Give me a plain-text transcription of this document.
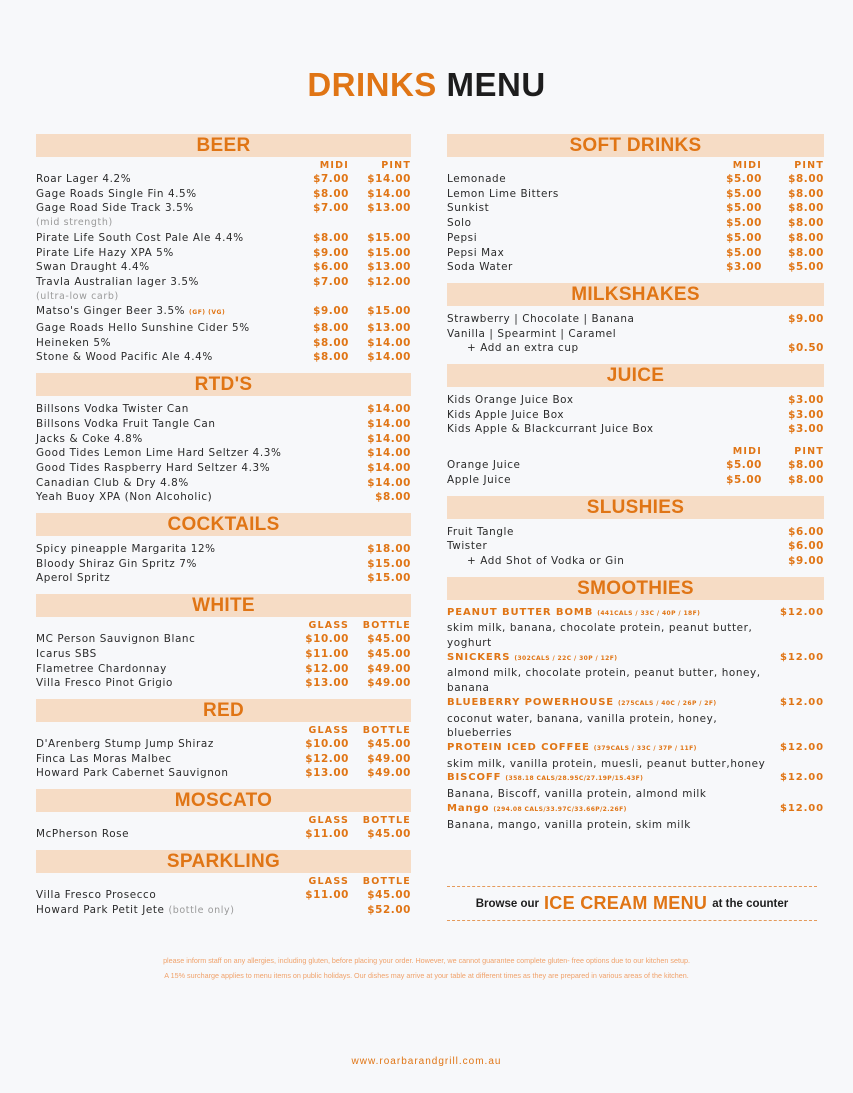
DRINKS MENU
BEER
MIDI	PINT
Roar Lager 4.2%	$7.00	$14.00
Gage Roads Single Fin 4.5%	$8.00	$14.00
Gage Road Side Track 3.5%	$7.00	$13.00
(mid strength)
Pirate Life South Cost Pale Ale 4.4%	$8.00	$15.00
Pirate Life Hazy XPA 5%	$9.00	$15.00
Swan Draught 4.4%	$6.00	$13.00
Travla Australian lager 3.5%	$7.00	$12.00
(ultra-low carb)
Matso's Ginger Beer 3.5% (GF) (VG)	$9.00	$15.00
Gage Roads Hello Sunshine Cider 5%	$8.00	$13.00
Heineken 5%	$8.00	$14.00
Stone & Wood Pacific Ale 4.4%	$8.00	$14.00
RTD'S
Billsons Vodka Twister Can	$14.00
Billsons Vodka Fruit Tangle Can	$14.00
Jacks & Coke 4.8%	$14.00
Good Tides Lemon Lime Hard Seltzer 4.3%	$14.00
Good Tides Raspberry Hard Seltzer 4.3%	$14.00
Canadian Club & Dry 4.8%	$14.00
Yeah Buoy XPA (Non Alcoholic)	$8.00
COCKTAILS
Spicy pineapple Margarita 12%	$18.00
Bloody Shiraz Gin Spritz 7%	$15.00
Aperol Spritz	$15.00
WHITE
GLASS	BOTTLE
MC Person Sauvignon Blanc	$10.00	$45.00
Icarus SBS	$11.00	$45.00
Flametree Chardonnay	$12.00	$49.00
Villa Fresco Pinot Grigio	$13.00	$49.00
RED
GLASS	BOTTLE
D'Arenberg Stump Jump Shiraz	$10.00	$45.00
Finca Las Moras Malbec	$12.00	$49.00
Howard Park Cabernet Sauvignon	$13.00	$49.00
MOSCATO
GLASS	BOTTLE
McPherson Rose	$11.00	$45.00
SPARKLING
GLASS	BOTTLE
Villa Fresco Prosecco	$11.00	$45.00
Howard Park Petit Jete (bottle only)	$52.00
SOFT DRINKS
MIDI	PINT
Lemonade	$5.00	$8.00
Lemon Lime Bitters	$5.00	$8.00
Sunkist	$5.00	$8.00
Solo	$5.00	$8.00
Pepsi	$5.00	$8.00
Pepsi Max	$5.00	$8.00
Soda Water	$3.00	$5.00
MILKSHAKES
Strawberry | Chocolate | Banana	$9.00
Vanilla | Spearmint | Caramel
+ Add an extra cup	$0.50
JUICE
Kids Orange Juice Box	$3.00
Kids Apple Juice Box	$3.00
Kids Apple & Blackcurrant Juice Box	$3.00
MIDI	PINT
Orange Juice	$5.00	$8.00
Apple Juice	$5.00	$8.00
SLUSHIES
Fruit Tangle	$6.00
Twister	$6.00
+ Add Shot of Vodka or Gin	$9.00
SMOOTHIES
PEANUT BUTTER BOMB (441CALS / 33C / 40P / 18F)	$12.00
skim milk, banana, chocolate protein, peanut butter, yoghurt
SNICKERS (302CALS / 22C / 30P / 12F)	$12.00
almond milk, chocolate protein, peanut butter, honey, banana
BLUEBERRY POWERHOUSE (275CALS / 40C / 26P / 2F)	$12.00
coconut water, banana, vanilla protein, honey, blueberries
PROTEIN ICED COFFEE (379CALS / 33C / 37P / 11F)	$12.00
skim milk, vanilla protein, muesli, peanut butter,honey
BISCOFF (358.18 CALS/28.95C/27.19P/15.43F)	$12.00
Banana, Biscoff, vanilla protein, almond milk
Mango (294.08 CALS/33.97C/33.66P/2.26F)	$12.00
Banana, mango, vanilla protein, skim milk
Browse our ICE CREAM MENU at the counter
please inform staff on any allergies, including gluten, before placing your order. However, we cannot guarantee complete gluten- free options due to our kitchen setup.
A 15% surcharge applies to menu items on public holidays. Our dishes may arrive at your table at different times as they are prepared in various areas of the kitchen.
www.roarbarandgrill.com.au
